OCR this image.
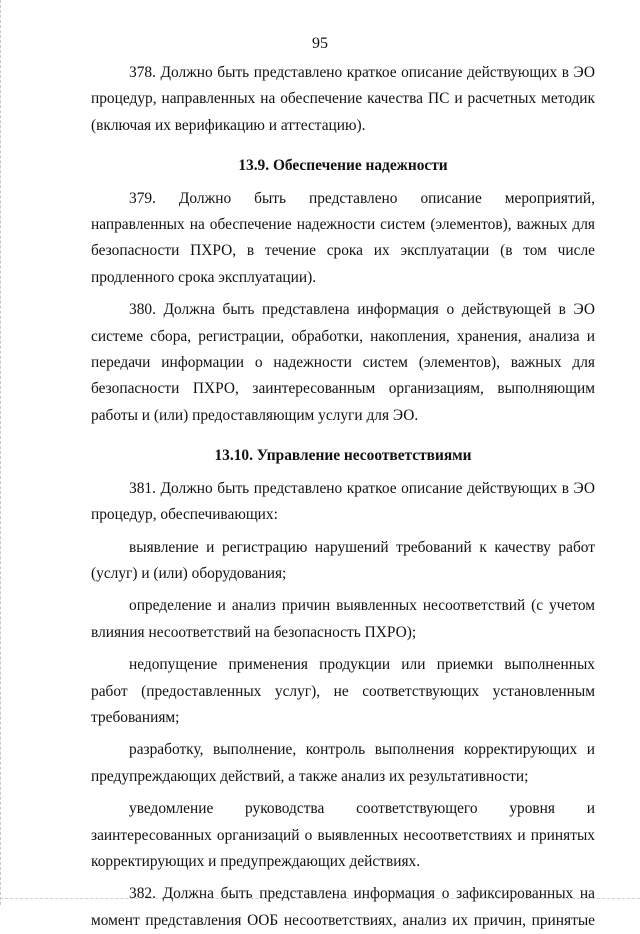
95

378. Должно быть представлено краткое описание действующих в ЭО процедур, направленных на обеспечение качества ПС и расчетных методик (включая их верификацию и аттестацию).

13.9. Обеспечение надежности

379. Должно быть представлено описание мероприятий, направленных на обеспечение надежности систем (элементов), важных для безопасности ПХРО, в течение срока их эксплуатации (в том числе продленного срока эксплуатации).

380. Должна быть представлена информация о действующей в ЭО системе сбора, регистрации, обработки, накопления, хранения, анализа и передачи информации о надежности систем (элементов), важных для безопасности ПХРО, заинтересованным организациям, выполняющим работы и (или) предоставляющим услуги для ЭО.

13.10. Управление несоответствиями

381. Должно быть представлено краткое описание действующих в ЭО процедур, обеспечивающих:

выявление и регистрацию нарушений требований к качеству работ (услуг) и (или) оборудования;

определение и анализ причин выявленных несоответствий (с учетом влияния несоответствий на безопасность ПХРО);

недопущение применения продукции или приемки выполненных работ (предоставленных услуг), не соответствующих установленным требованиям;

разработку, выполнение, контроль выполнения корректирующих и предупреждающих действий, а также анализ их результативности;

уведомление руководства соответствующего уровня и заинтересованных организаций о выявленных несоответствиях и принятых корректирующих и предупреждающих действиях.

382. Должна быть представлена информация о зафиксированных на момент представления ООБ несоответствиях, анализ их причин, принятые
